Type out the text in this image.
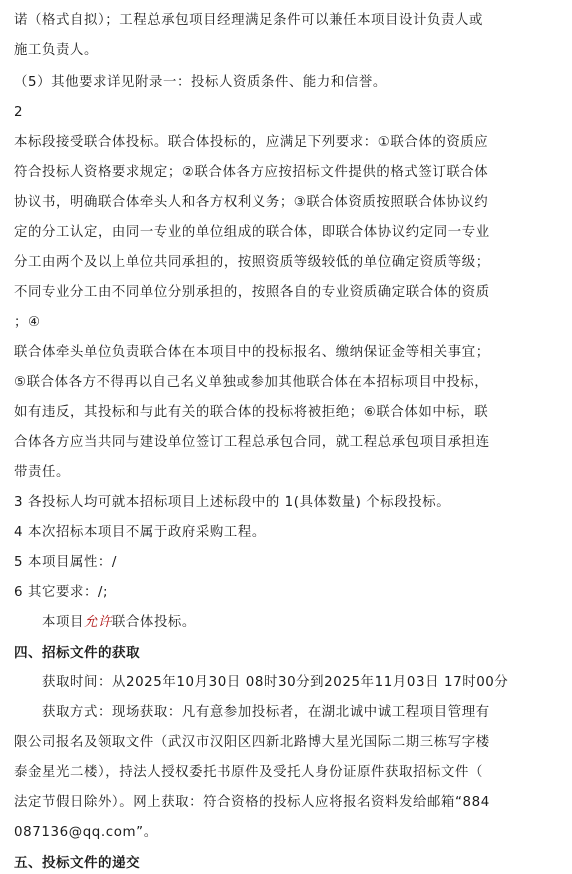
诺（格式自拟）；工程总承包项目经理满足条件可以兼任本项目设计负责人或
施工负责人。
（5）其他要求详见附录一：投标人资质条件、能力和信誉。
2
本标段接受联合体投标。联合体投标的，应满足下列要求：①联合体的资质应
符合投标人资格要求规定；②联合体各方应按招标文件提供的格式签订联合体
协议书，明确联合体牵头人和各方权利义务；③联合体资质按照联合体协议约
定的分工认定，由同一专业的单位组成的联合体，即联合体协议约定同一专业
分工由两个及以上单位共同承担的，按照资质等级较低的单位确定资质等级；
不同专业分工由不同单位分别承担的，按照各自的专业资质确定联合体的资质
；④
联合体牵头单位负责联合体在本项目中的投标报名、缴纳保证金等相关事宜；
⑤联合体各方不得再以自己名义单独或参加其他联合体在本招标项目中投标，
如有违反，其投标和与此有关的联合体的投标将被拒绝；⑥联合体如中标，联
合体各方应当共同与建设单位签订工程总承包合同，就工程总承包项目承担连
带责任。
3 各投标人均可就本招标项目上述标段中的 1(具体数量) 个标段投标。
4 本次招标本项目不属于政府采购工程。
5 本项目属性：/
6 其它要求：/;
本项目允许联合体投标。
四、招标文件的获取
获取时间：从2025年10月30日 08时30分到2025年11月03日 17时00分
获取方式：现场获取：凡有意参加投标者，在湖北诚中诚工程项目管理有
限公司报名及领取文件（武汉市汉阳区四新北路博大星光国际二期三栋写字楼
泰金星光二楼），持法人授权委托书原件及受托人身份证原件获取招标文件（
法定节假日除外）。网上获取：符合资格的投标人应将报名资料发给邮箱“884
087136@qq.com”。
五、投标文件的递交
